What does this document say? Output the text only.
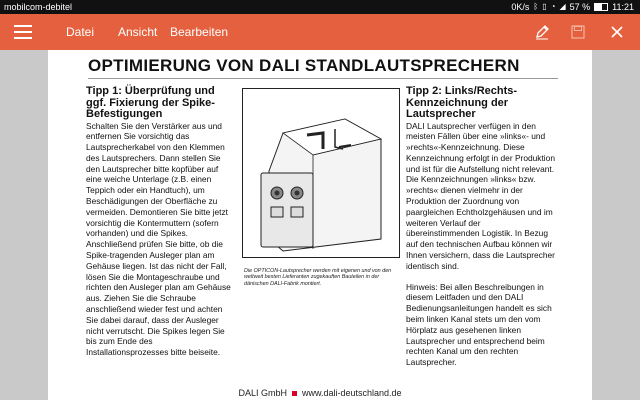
mobilcom-debitel	0K/s ᛒ ▯ ◔ ◢ 57 % 11:21
Datei Ansicht Bearbeiten
OPTIMIERUNG VON DALI STANDLAUTSPRECHERN
Tipp 1: Überprüfung und ggf. Fixierung der Spike-Befestigungen

Schalten Sie den Verstärker aus und entfernen Sie vorsichtig das Lautsprecherkabel von den Klemmen des Lautsprechers. Dann stellen Sie den Lautsprecher bitte kopfüber auf eine weiche Unterlage (z.B. einen Teppich oder ein Handtuch), um Beschädigungen der Oberfläche zu vermeiden. Demontieren Sie bitte jetzt vorsichtig die Kontermuttern (sofern vorhanden) und die Spikes. Anschließend prüfen Sie bitte, ob die Spike-tragenden Ausleger plan am Gehäuse liegen. Ist das nicht der Fall, lösen Sie die Montageschraube und richten den Ausleger plan am Gehäuse aus. Ziehen Sie die Schraube anschließend wieder fest und achten Sie dabei darauf, dass der Ausleger nicht verrutscht. Die Spikes legen Sie bis zum Ende des Installationsprozesses bitte beiseite.

Die OPTICON-Lautsprecher werden mit eigenen und von den weltweit besten Lieferanten zugekauften Bauteilen in der dänischen DALI-Fabrik montiert.
Tipp 2: Links/Rechts-Kennzeichnung der Lautsprecher

DALI Lautsprecher verfügen in den meisten Fällen über eine »links«- und »rechts«-Kennzeichnung. Diese Kennzeichnung erfolgt in der Produktion und ist für die Aufstellung nicht relevant. Die Kennzeichnungen »links« bzw. »rechts« dienen vielmehr in der Produktion der Zuordnung von paargleichen Echtholzgehäusen und im weiteren Verlauf der übereinstimmenden Logistik. In Bezug auf den technischen Aufbau können wir Ihnen versichern, dass die Lautsprecher identisch sind.

Hinweis: Bei allen Beschreibungen in diesem Leitfaden und den DALI Bedienungsanleitungen handelt es sich beim linken Kanal stets um den vom Hörplatz aus gesehenen linken Lautsprecher und entsprechend beim rechten Kanal um den rechten Lautsprecher.

DALI GmbH www.dali-deutschland.de
